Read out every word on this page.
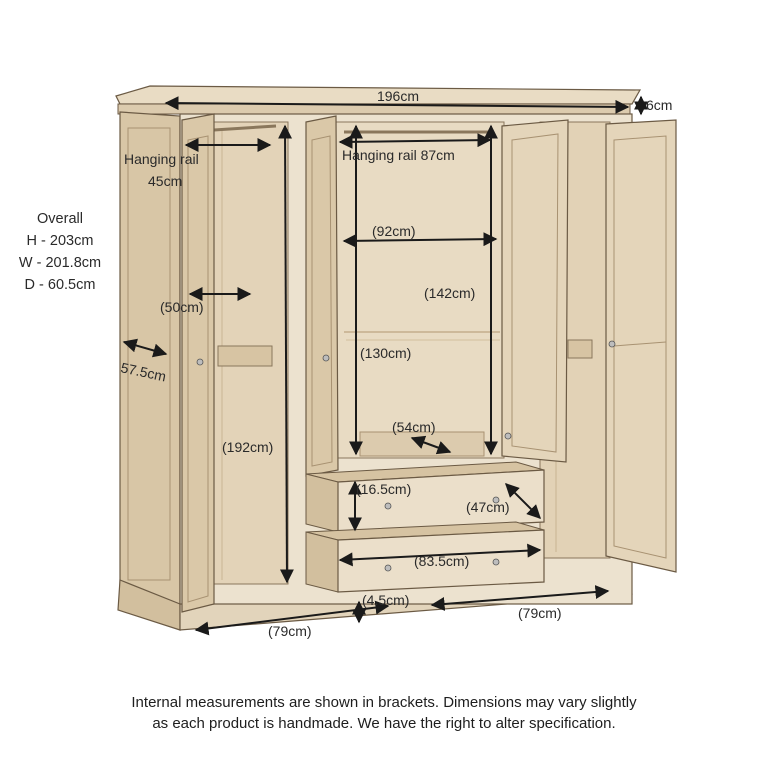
196cm
6cm
Hanging rail
45cm
Hanging rail 87cm
(92cm)
(142cm)
(50cm)
57.5cm
(130cm)
(192cm)
(54cm)
(16.5cm)
(47cm)
(83.5cm)
(4.5cm)
(79cm)
(79cm)
Overall
H - 203cm
W - 201.8cm
D - 60.5cm
Internal measurements are shown in brackets. Dimensions may vary slightly
as each product is handmade. We have the right to alter specification.
